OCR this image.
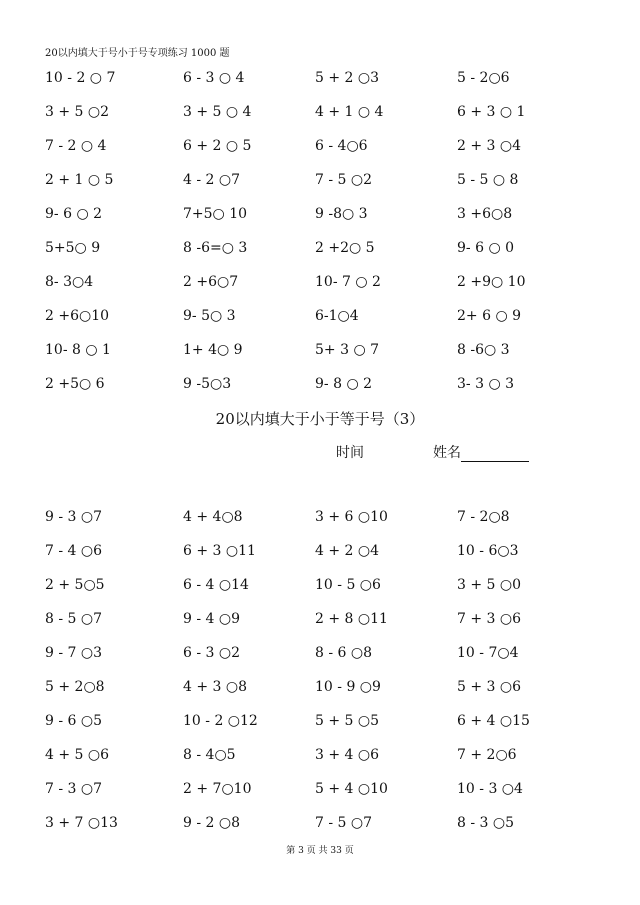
20以内填大于号小于号专项练习 1000 题
10 - 2 ○ 7	6 - 3 ○ 4	5 + 2 ○3	5 - 2○6
3 + 5 ○2	3 + 5 ○ 4	4 + 1 ○ 4	6 + 3 ○ 1
7 - 2 ○ 4	6 + 2 ○ 5	6 - 4○6	2 + 3 ○4
2 + 1 ○ 5	4 - 2 ○7	7 - 5 ○2	5 - 5 ○ 8
9- 6 ○ 2	7+5○ 10	9 -8○ 3	3 +6○8
5+5○ 9	8 -6=○ 3	2 +2○ 5	9- 6 ○ 0
8- 3○4	2 +6○7	10- 7 ○ 2	2 +9○ 10
2 +6○10	9- 5○ 3	6-1○4	2+ 6 ○ 9
10- 8 ○ 1	1+ 4○ 9	5+ 3 ○ 7	8 -6○ 3
2 +5○ 6	9 -5○3	9- 8 ○ 2	3- 3 ○ 3
20以内填大于小于等于号（3）
时间	姓名
9 - 3 ○7	4 + 4○8	3 + 6 ○10	7 - 2○8
7 - 4 ○6	6 + 3 ○11	4 + 2 ○4	10 - 6○3
2 + 5○5	6 - 4 ○14	10 - 5 ○6	3 + 5 ○0
8 - 5 ○7	9 - 4 ○9	2 + 8 ○11	7 + 3 ○6
9 - 7 ○3	6 - 3 ○2	8 - 6 ○8	10 - 7○4
5 + 2○8	4 + 3 ○8	10 - 9 ○9	5 + 3 ○6
9 - 6 ○5	10 - 2 ○12	5 + 5 ○5	6 + 4 ○15
4 + 5 ○6	8 - 4○5	3 + 4 ○6	7 + 2○6
7 - 3 ○7	2 + 7○10	5 + 4 ○10	10 - 3 ○4
3 + 7 ○13	9 - 2 ○8	7 - 5 ○7	8 - 3 ○5
第 3 页 共 33 页
